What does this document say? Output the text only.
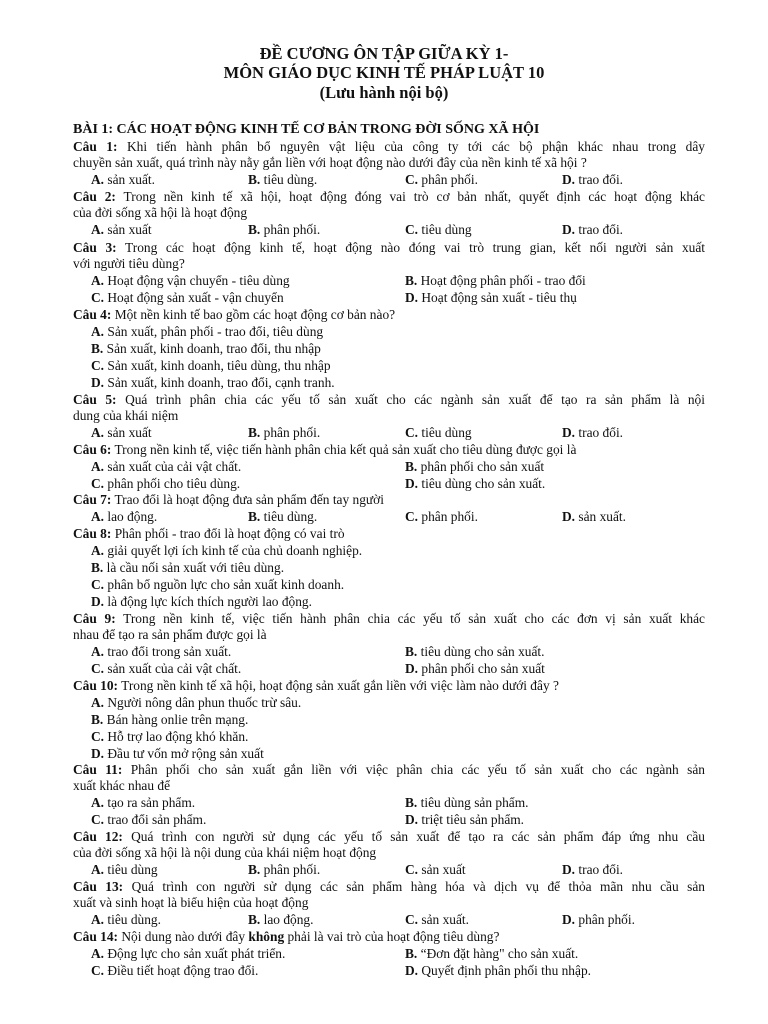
ĐỀ CƯƠNG ÔN TẬP GIỮA KỲ 1-
MÔN GIÁO DỤC KINH TẾ PHÁP LUẬT 10
(Lưu hành nội bộ)
BÀI 1: CÁC HOẠT ĐỘNG KINH TẾ CƠ BẢN TRONG ĐỜI SỐNG XÃ HỘI
Câu 1: Khi tiến hành phân bổ nguyên vật liệu của công ty tới các bộ phận khác nhau trong dây
chuyền sản xuất, quá trình này nằy gắn liền với hoạt động nào dưới đây của nền kinh tế xã hội ?
A. sản xuất.	B. tiêu dùng.	C. phân phối.	D. trao đổi.
Câu 2: Trong nền kinh tế xã hội, hoạt động đóng vai trò cơ bản nhất, quyết định các hoạt động khác
của đời sống xã hội là hoạt động
A. sản xuất	B. phân phối.	C. tiêu dùng	D. trao đổi.
Câu 3: Trong các hoạt động kinh tế, hoạt động nào đóng vai trò trung gian, kết nối người sản xuất
với người tiêu dùng?
A. Hoạt động vận chuyển - tiêu dùng	B. Hoạt động phân phối - trao đổi
C. Hoạt động sản xuất - vận chuyển	D. Hoạt động sản xuất - tiêu thụ
Câu 4: Một nền kinh tế bao gồm các hoạt động cơ bản nào?
A. Sản xuất, phân phối - trao đổi, tiêu dùng
B. Sản xuất, kinh doanh, trao đổi, thu nhập
C. Sản xuất, kinh doanh, tiêu dùng, thu nhập
D. Sản xuất, kinh doanh, trao đổi, cạnh tranh.
Câu 5: Quá trình phân chia các yếu tố sản xuất cho các ngành sản xuất để tạo ra sản phẩm là nội
dung của khái niệm
A. sản xuất	B. phân phối.	C. tiêu dùng	D. trao đổi.
Câu 6: Trong nền kinh tế, việc tiến hành phân chia kết quả sản xuất cho tiêu dùng được gọi là
A. sản xuất của cải vật chất.	B. phân phối cho sản xuất
C. phân phối cho tiêu dùng.	D. tiêu dùng cho sản xuất.
Câu 7: Trao đổi là hoạt động đưa sản phẩm đến tay người
A. lao động.	B. tiêu dùng.	C. phân phối.	D. sản xuất.
Câu 8: Phân phối - trao đổi là hoạt động có vai trò
A. giải quyết lợi ích kinh tế của chủ doanh nghiệp.
B. là cầu nối sản xuất với tiêu dùng.
C. phân bổ nguồn lực cho sản xuất kinh doanh.
D. là động lực kích thích người lao động.
Câu 9: Trong nền kinh tế, việc tiến hành phân chia các yếu tố sản xuất cho các đơn vị sản xuất khác
nhau để tạo ra sản phẩm được gọi là
A. trao đổi trong sản xuất.	B. tiêu dùng cho sản xuất.
C. sản xuất của cải vật chất.	D. phân phối cho sản xuất
Câu 10: Trong nền kinh tế xã hội, hoạt động sản xuất gắn liền với việc làm nào dưới đây ?
A. Người nông dân phun thuốc trừ sâu.
B. Bán hàng onlie trên mạng.
C. Hỗ trợ lao động khó khăn.
D. Đầu tư vốn mở rộng sản xuất
Câu 11: Phân phối cho sản xuất gắn liền với việc phân chia các yếu tố sản xuất cho các ngành sản
xuất khác nhau để
A. tạo ra sản phẩm.	B. tiêu dùng sản phẩm.
C. trao đổi sản phẩm.	D. triệt tiêu sản phẩm.
Câu 12: Quá trình con người sử dụng các yếu tố sản xuất để tạo ra các sản phẩm đáp ứng nhu cầu
của đời sống xã hội là nội dung của khái niệm hoạt động
A. tiêu dùng	B. phân phối.	C. sản xuất	D. trao đổi.
Câu 13: Quá trình con người sử dụng các sản phẩm hàng hóa và dịch vụ để thỏa mãn nhu cầu sản
xuất và sinh hoạt là biểu hiện của hoạt động
A. tiêu dùng.	B. lao động.	C. sản xuất.	D. phân phối.
Câu 14: Nội dung nào dưới đây không phải là vai trò của hoạt động tiêu dùng?
A. Động lực cho sản xuất phát triển.	B. “Đơn đặt hàng" cho sản xuất.
C. Điều tiết hoạt động trao đổi.	D. Quyết định phân phối thu nhập.
